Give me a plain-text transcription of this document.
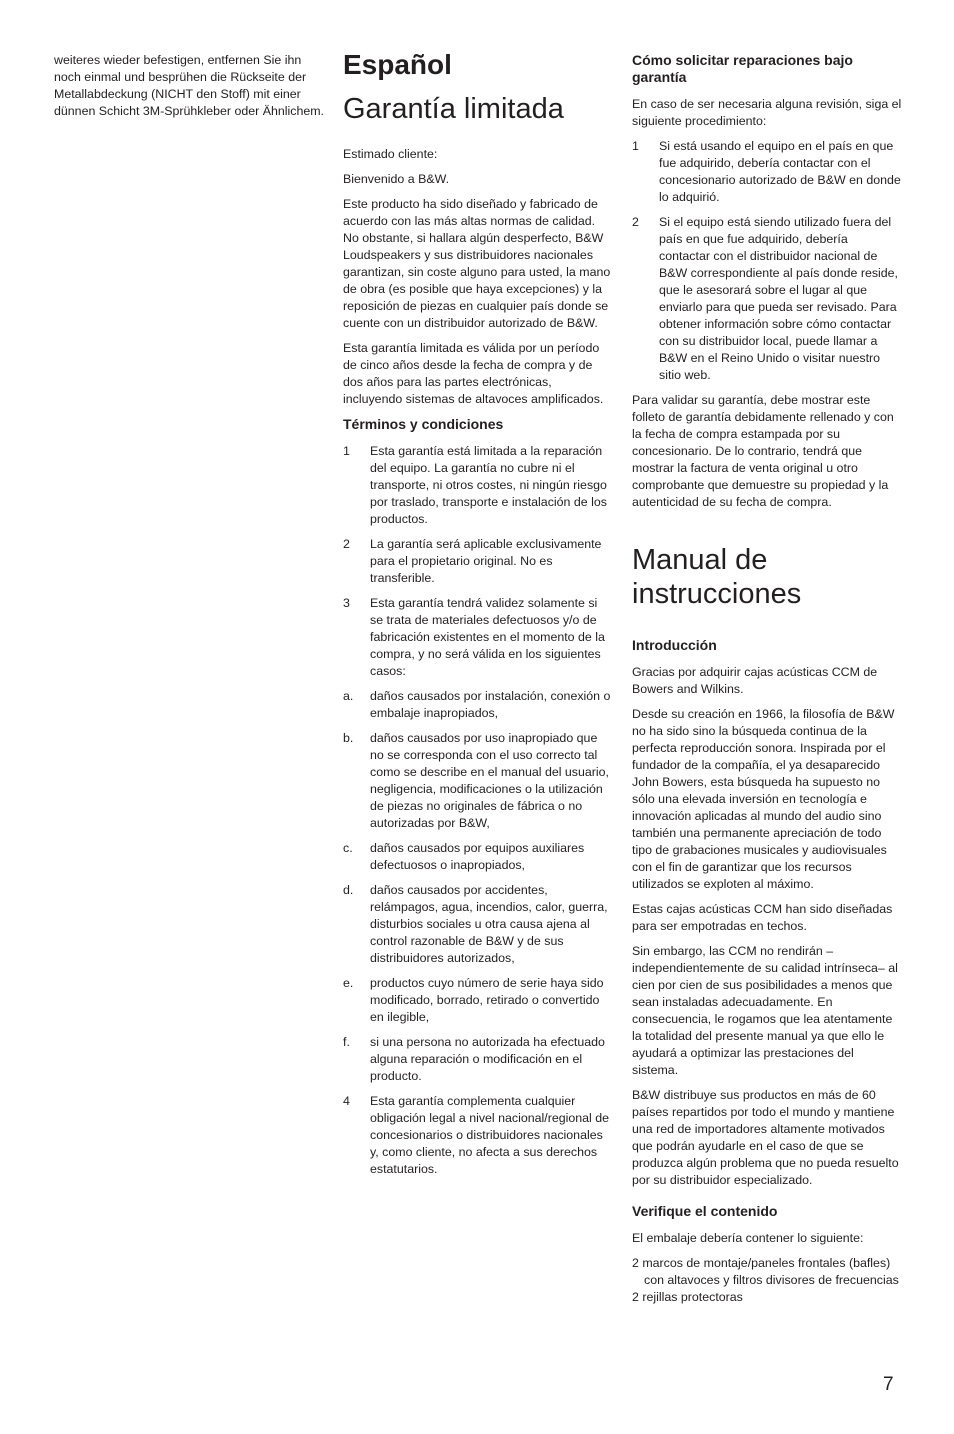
weiteres wieder befestigen, entfernen Sie ihn noch einmal und besprühen die Rückseite der Metallabdeckung (NICHT den Stoff) mit einer dünnen Schicht 3M-Sprühkleber oder Ähnlichem.

Español
Garantía limitada

Estimado cliente:

Bienvenido a B&W.

Este producto ha sido diseñado y fabricado de acuerdo con las más altas normas de calidad. No obstante, si hallara algún desperfecto, B&W Loudspeakers y sus distribuidores nacionales garantizan, sin coste alguno para usted, la mano de obra (es posible que haya excepciones) y la reposición de piezas en cualquier país donde se cuente con un distribuidor autorizado de B&W.

Esta garantía limitada es válida por un período de cinco años desde la fecha de compra y de dos años para las partes electrónicas, incluyendo sistemas de altavoces amplificados.

Términos y condiciones
1	Esta garantía está limitada a la reparación del equipo. La garantía no cubre ni el transporte, ni otros costes, ni ningún riesgo por traslado, transporte e instalación de los productos.
2	La garantía será aplicable exclusivamente para el propietario original. No es transferible.
3	Esta garantía tendrá validez solamente si se trata de materiales defectuosos y/o de fabricación existentes en el momento de la compra, y no será válida en los siguientes casos:
a.	daños causados por instalación, conexión o embalaje inapropiados,
b.	daños causados por uso inapropiado que no se corresponda con el uso correcto tal como se describe en el manual del usuario, negligencia, modificaciones o la utilización de piezas no originales de fábrica o no autorizadas por B&W,
c.	daños causados por equipos auxiliares defectuosos o inapropiados,
d.	daños causados por accidentes, relámpagos, agua, incendios, calor, guerra, disturbios sociales u otra causa ajena al control razonable de B&W y de sus distribuidores autorizados,
e.	productos cuyo número de serie haya sido modificado, borrado, retirado o convertido en ilegible,
f.	si una persona no autorizada ha efectuado alguna reparación o modificación en el producto.
4	Esta garantía complementa cualquier obligación legal a nivel nacional/regional de concesionarios o distribuidores nacionales y, como cliente, no afecta a sus derechos estatutarios.
Cómo solicitar reparaciones bajo garantía

En caso de ser necesaria alguna revisión, siga el siguiente procedimiento:

1	Si está usando el equipo en el país en que fue adquirido, debería contactar con el concesionario autorizado de B&W en donde lo adquirió.
2	Si el equipo está siendo utilizado fuera del país en que fue adquirido, debería contactar con el distribuidor nacional de B&W correspondiente al país donde reside, que le asesorará sobre el lugar al que enviarlo para que pueda ser revisado. Para obtener información sobre cómo contactar con su distribuidor local, puede llamar a B&W en el Reino Unido o visitar nuestro sitio web.

Para validar su garantía, debe mostrar este folleto de garantía debidamente rellenado y con la fecha de compra estampada por su concesionario. De lo contrario, tendrá que mostrar la factura de venta original u otro comprobante que demuestre su propiedad y la autenticidad de su fecha de compra.

Manual de instrucciones
Introducción

Gracias por adquirir cajas acústicas CCM de Bowers and Wilkins.

Desde su creación en 1966, la filosofía de B&W no ha sido sino la búsqueda continua de la perfecta reproducción sonora. Inspirada por el fundador de la compañía, el ya desaparecido John Bowers, esta búsqueda ha supuesto no sólo una elevada inversión en tecnología e innovación aplicadas al mundo del audio sino también una permanente apreciación de todo tipo de grabaciones musicales y audiovisuales con el fin de garantizar que los recursos utilizados se exploten al máximo.

Estas cajas acústicas CCM han sido diseñadas para ser empotradas en techos.

Sin embargo, las CCM no rendirán –independientemente de su calidad intrínseca– al cien por cien de sus posibilidades a menos que sean instaladas adecuadamente. En consecuencia, le rogamos que lea atentamente la totalidad del presente manual ya que ello le ayudará a optimizar las prestaciones del sistema.

B&W distribuye sus productos en más de 60 países repartidos por todo el mundo y mantiene una red de importadores altamente motivados que podrán ayudarle en el caso de que se produzca algún problema que no pueda resuelto por su distribuidor especializado.

Verifique el contenido

El embalaje debería contener lo siguiente:

2 marcos de montaje/paneles frontales (bafles) con altavoces y filtros divisores de frecuencias
2 rejillas protectoras
7
